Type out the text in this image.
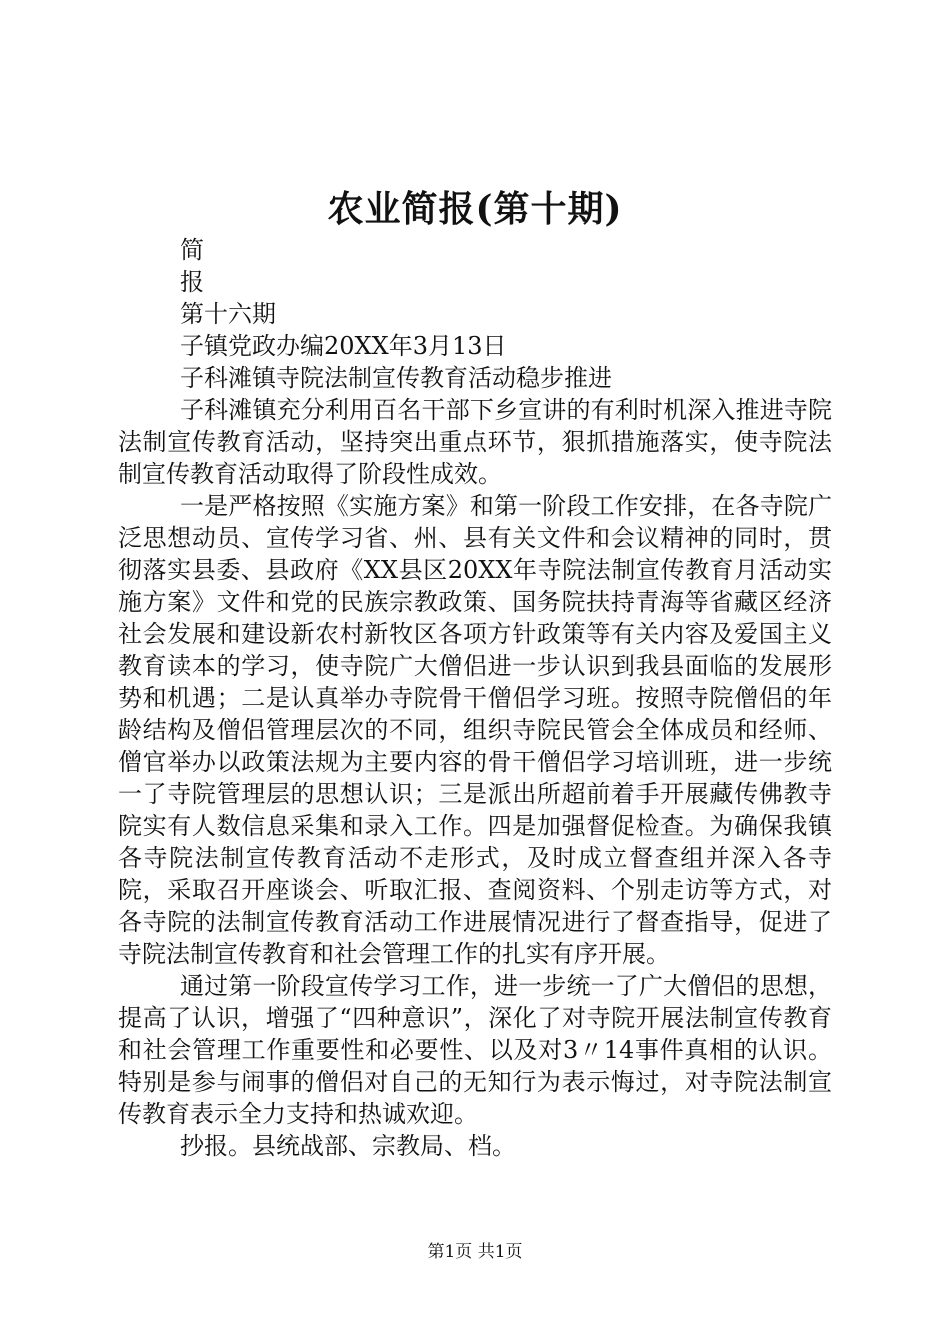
农业简报(第十期)

简

报

第十六期

子镇党政办编20XX年3月13日

子科滩镇寺院法制宣传教育活动稳步推进

子科滩镇充分利用百名干部下乡宣讲的有利时机深入推进寺院法制宣传教育活动，坚持突出重点环节，狠抓措施落实，使寺院法制宣传教育活动取得了阶段性成效。

一是严格按照《实施方案》和第一阶段工作安排，在各寺院广泛思想动员、宣传学习省、州、县有关文件和会议精神的同时，贯彻落实县委、县政府《XX县区20XX年寺院法制宣传教育月活动实施方案》文件和党的民族宗教政策、国务院扶持青海等省藏区经济社会发展和建设新农村新牧区各项方针政策等有关内容及爱国主义教育读本的学习，使寺院广大僧侣进一步认识到我县面临的发展形势和机遇；二是认真举办寺院骨干僧侣学习班。按照寺院僧侣的年龄结构及僧侣管理层次的不同，组织寺院民管会全体成员和经师、僧官举办以政策法规为主要内容的骨干僧侣学习培训班，进一步统一了寺院管理层的思想认识；三是派出所超前着手开展藏传佛教寺院实有人数信息采集和录入工作。四是加强督促检查。为确保我镇各寺院法制宣传教育活动不走形式，及时成立督查组并深入各寺院，采取召开座谈会、听取汇报、查阅资料、个别走访等方式，对各寺院的法制宣传教育活动工作进展情况进行了督查指导，促进了寺院法制宣传教育和社会管理工作的扎实有序开展。

通过第一阶段宣传学习工作，进一步统一了广大僧侣的思想，提高了认识，增强了“四种意识”，深化了对寺院开展法制宣传教育和社会管理工作重要性和必要性、以及对3〃14事件真相的认识。特别是参与闹事的僧侣对自己的无知行为表示悔过，对寺院法制宣传教育表示全力支持和热诚欢迎。

抄报。县统战部、宗教局、档。

第1页 共1页
